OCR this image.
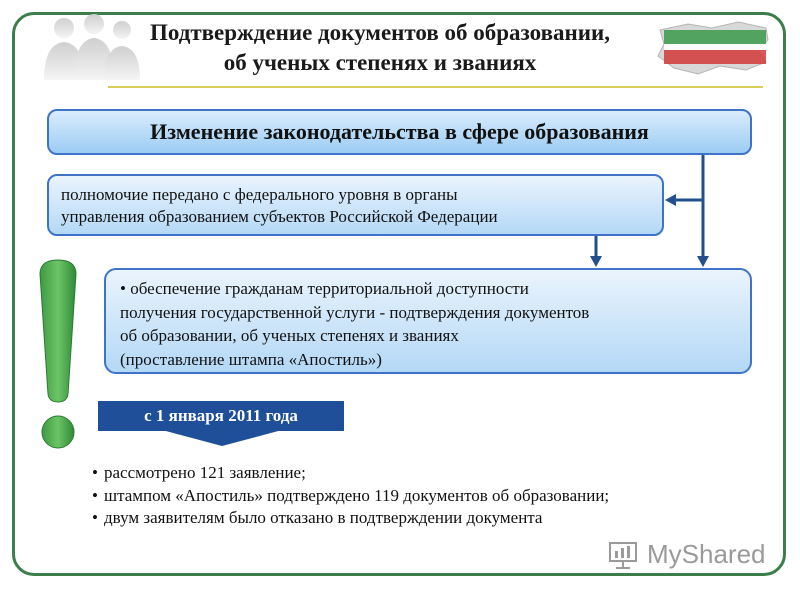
Подтверждение документов об образовании,
об ученых степенях и званиях
Изменение законодательства в сфере образования
полномочие передано с федерального уровня в органы
управления образованием субъектов Российской Федерации
• обеспечение гражданам территориальной доступности
получения государственной услуги - подтверждения документов
об образовании, об ученых степенях и званиях
(проставление штампа «Апостиль»)
с 1 января 2011 года
• рассмотрено 121 заявление;
• штампом «Апостиль» подтверждено 119 документов об образовании;
• двум заявителям было отказано в подтверждении документа
MyShared
